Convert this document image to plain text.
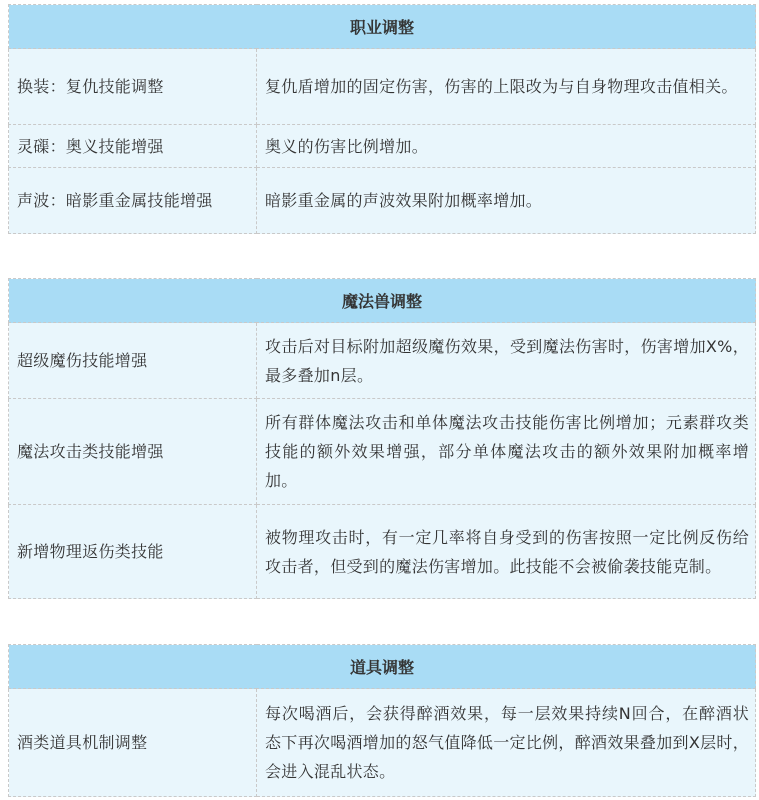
职业调整	
换装：复仇技能调整	复仇盾增加的固定伤害，伤害的上限改为与自身物理攻击值相关。
灵磲：奥义技能增强	奥义的伤害比例增加。
声波：暗影重金属技能增强	暗影重金属的声波效果附加概率增加。
魔法兽调整	
超级魔伤技能增强	攻击后对目标附加超级魔伤效果，受到魔法伤害时，伤害增加X%，最多叠加n层。
魔法攻击类技能增强	所有群体魔法攻击和单体魔法攻击技能伤害比例增加；元素群攻类技能的额外效果增强，部分单体魔法攻击的额外效果附加概率增加。
新增物理返伤类技能	被物理攻击时，有一定几率将自身受到的伤害按照一定比例反伤给攻击者，但受到的魔法伤害增加。此技能不会被偷袭技能克制。
道具调整
酒类道具机制调整	每次喝酒后，会获得醉酒效果，每一层效果持续N回合，在醉酒状态下再次喝酒增加的怒气值降低一定比例，醉酒效果叠加到X层时，会进入混乱状态。
